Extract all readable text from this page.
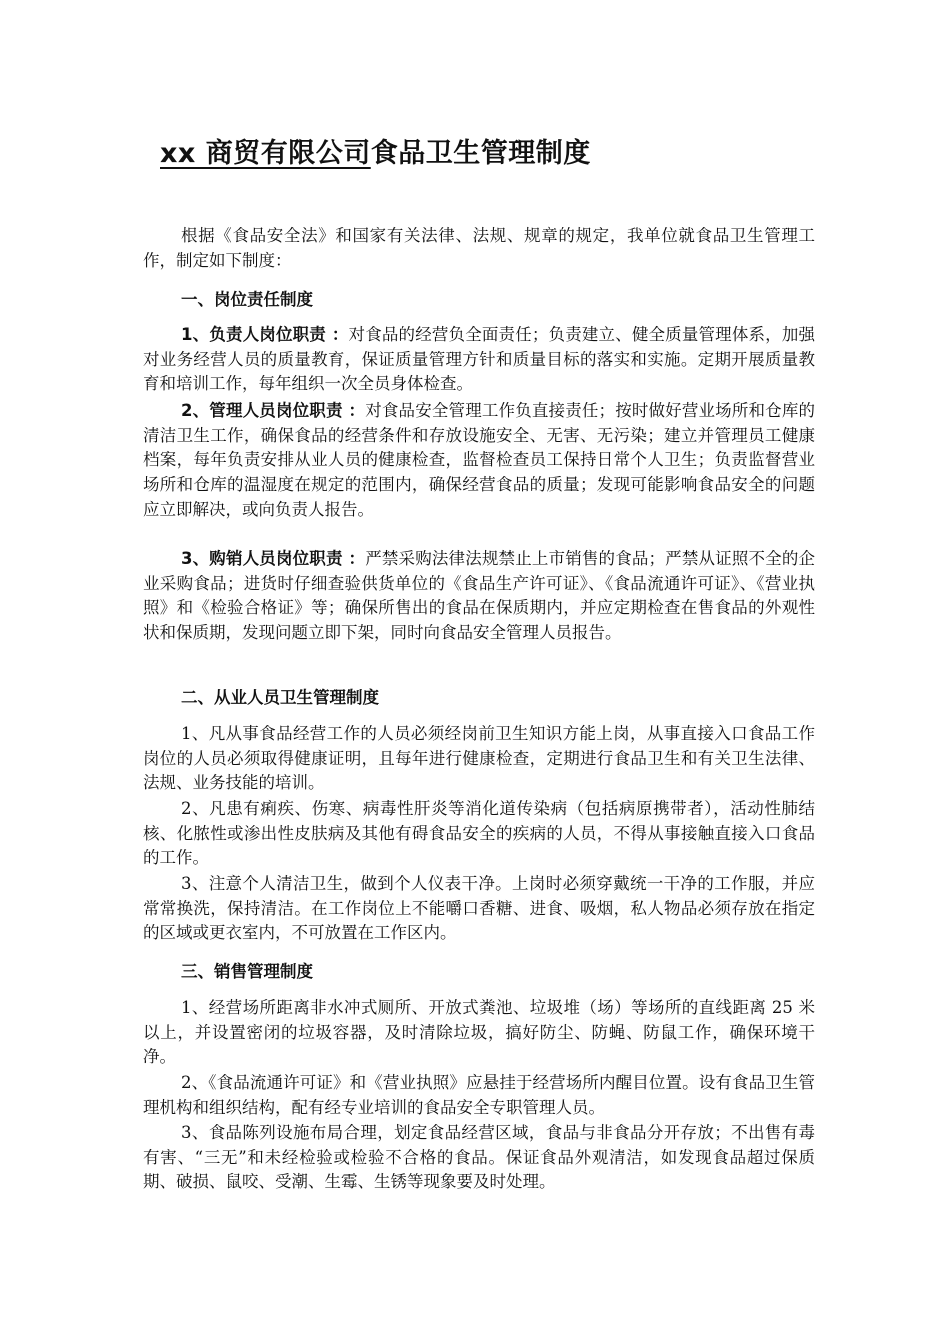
xx 商贸有限公司食品卫生管理制度

根据《食品安全法》和国家有关法律、法规、规章的规定，我单位就食品卫生管理工作，制定如下制度：

一、岗位责任制度

1、负责人岗位职责 ：对食品的经营负全面责任；负责建立、健全质量管理体系，加强对业务经营人员的质量教育，保证质量管理方针和质量目标的落实和实施。定期开展质量教育和培训工作，每年组织一次全员身体检查。

2、管理人员岗位职责 ：对食品安全管理工作负直接责任；按时做好营业场所和仓库的清洁卫生工作，确保食品的经营条件和存放设施安全、无害、无污染；建立并管理员工健康档案，每年负责安排从业人员的健康检查，监督检查员工保持日常个人卫生；负责监督营业场所和仓库的温湿度在规定的范围内，确保经营食品的质量；发现可能影响食品安全的问题应立即解决，或向负责人报告。

3、购销人员岗位职责 ：严禁采购法律法规禁止上市销售的食品；严禁从证照不全的企业采购食品；进货时仔细查验供货单位的《食品生产许可证》、《食品流通许可证》、《营业执照》和《检验合格证》等；确保所售出的食品在保质期内，并应定期检查在售食品的外观性状和保质期，发现问题立即下架，同时向食品安全管理人员报告。

二、从业人员卫生管理制度

1、凡从事食品经营工作的人员必须经岗前卫生知识方能上岗，从事直接入口食品工作岗位的人员必须取得健康证明，且每年进行健康检查，定期进行食品卫生和有关卫生法律、法规、业务技能的培训。

2、凡患有痢疾、伤寒、病毒性肝炎等消化道传染病（包括病原携带者），活动性肺结核、化脓性或渗出性皮肤病及其他有碍食品安全的疾病的人员，不得从事接触直接入口食品的工作。

3、注意个人清洁卫生，做到个人仪表干净。上岗时必须穿戴统一干净的工作服，并应常常换洗，保持清洁。在工作岗位上不能嚼口香糖、进食、吸烟，私人物品必须存放在指定的区域或更衣室内，不可放置在工作区内。

三、销售管理制度

1、经营场所距离非水冲式厕所、开放式粪池、垃圾堆（场）等场所的直线距离 25 米以上，并设置密闭的垃圾容器，及时清除垃圾，搞好防尘、防蝇、防鼠工作，确保环境干净。

2、《食品流通许可证》和《营业执照》应悬挂于经营场所内醒目位置。设有食品卫生管理机构和组织结构，配有经专业培训的食品安全专职管理人员。

3、食品陈列设施布局合理，划定食品经营区域，食品与非食品分开存放；不出售有毒有害、“三无”和未经检验或检验不合格的食品。保证食品外观清洁，如发现食品超过保质期、破损、鼠咬、受潮、生霉、生锈等现象要及时处理。
